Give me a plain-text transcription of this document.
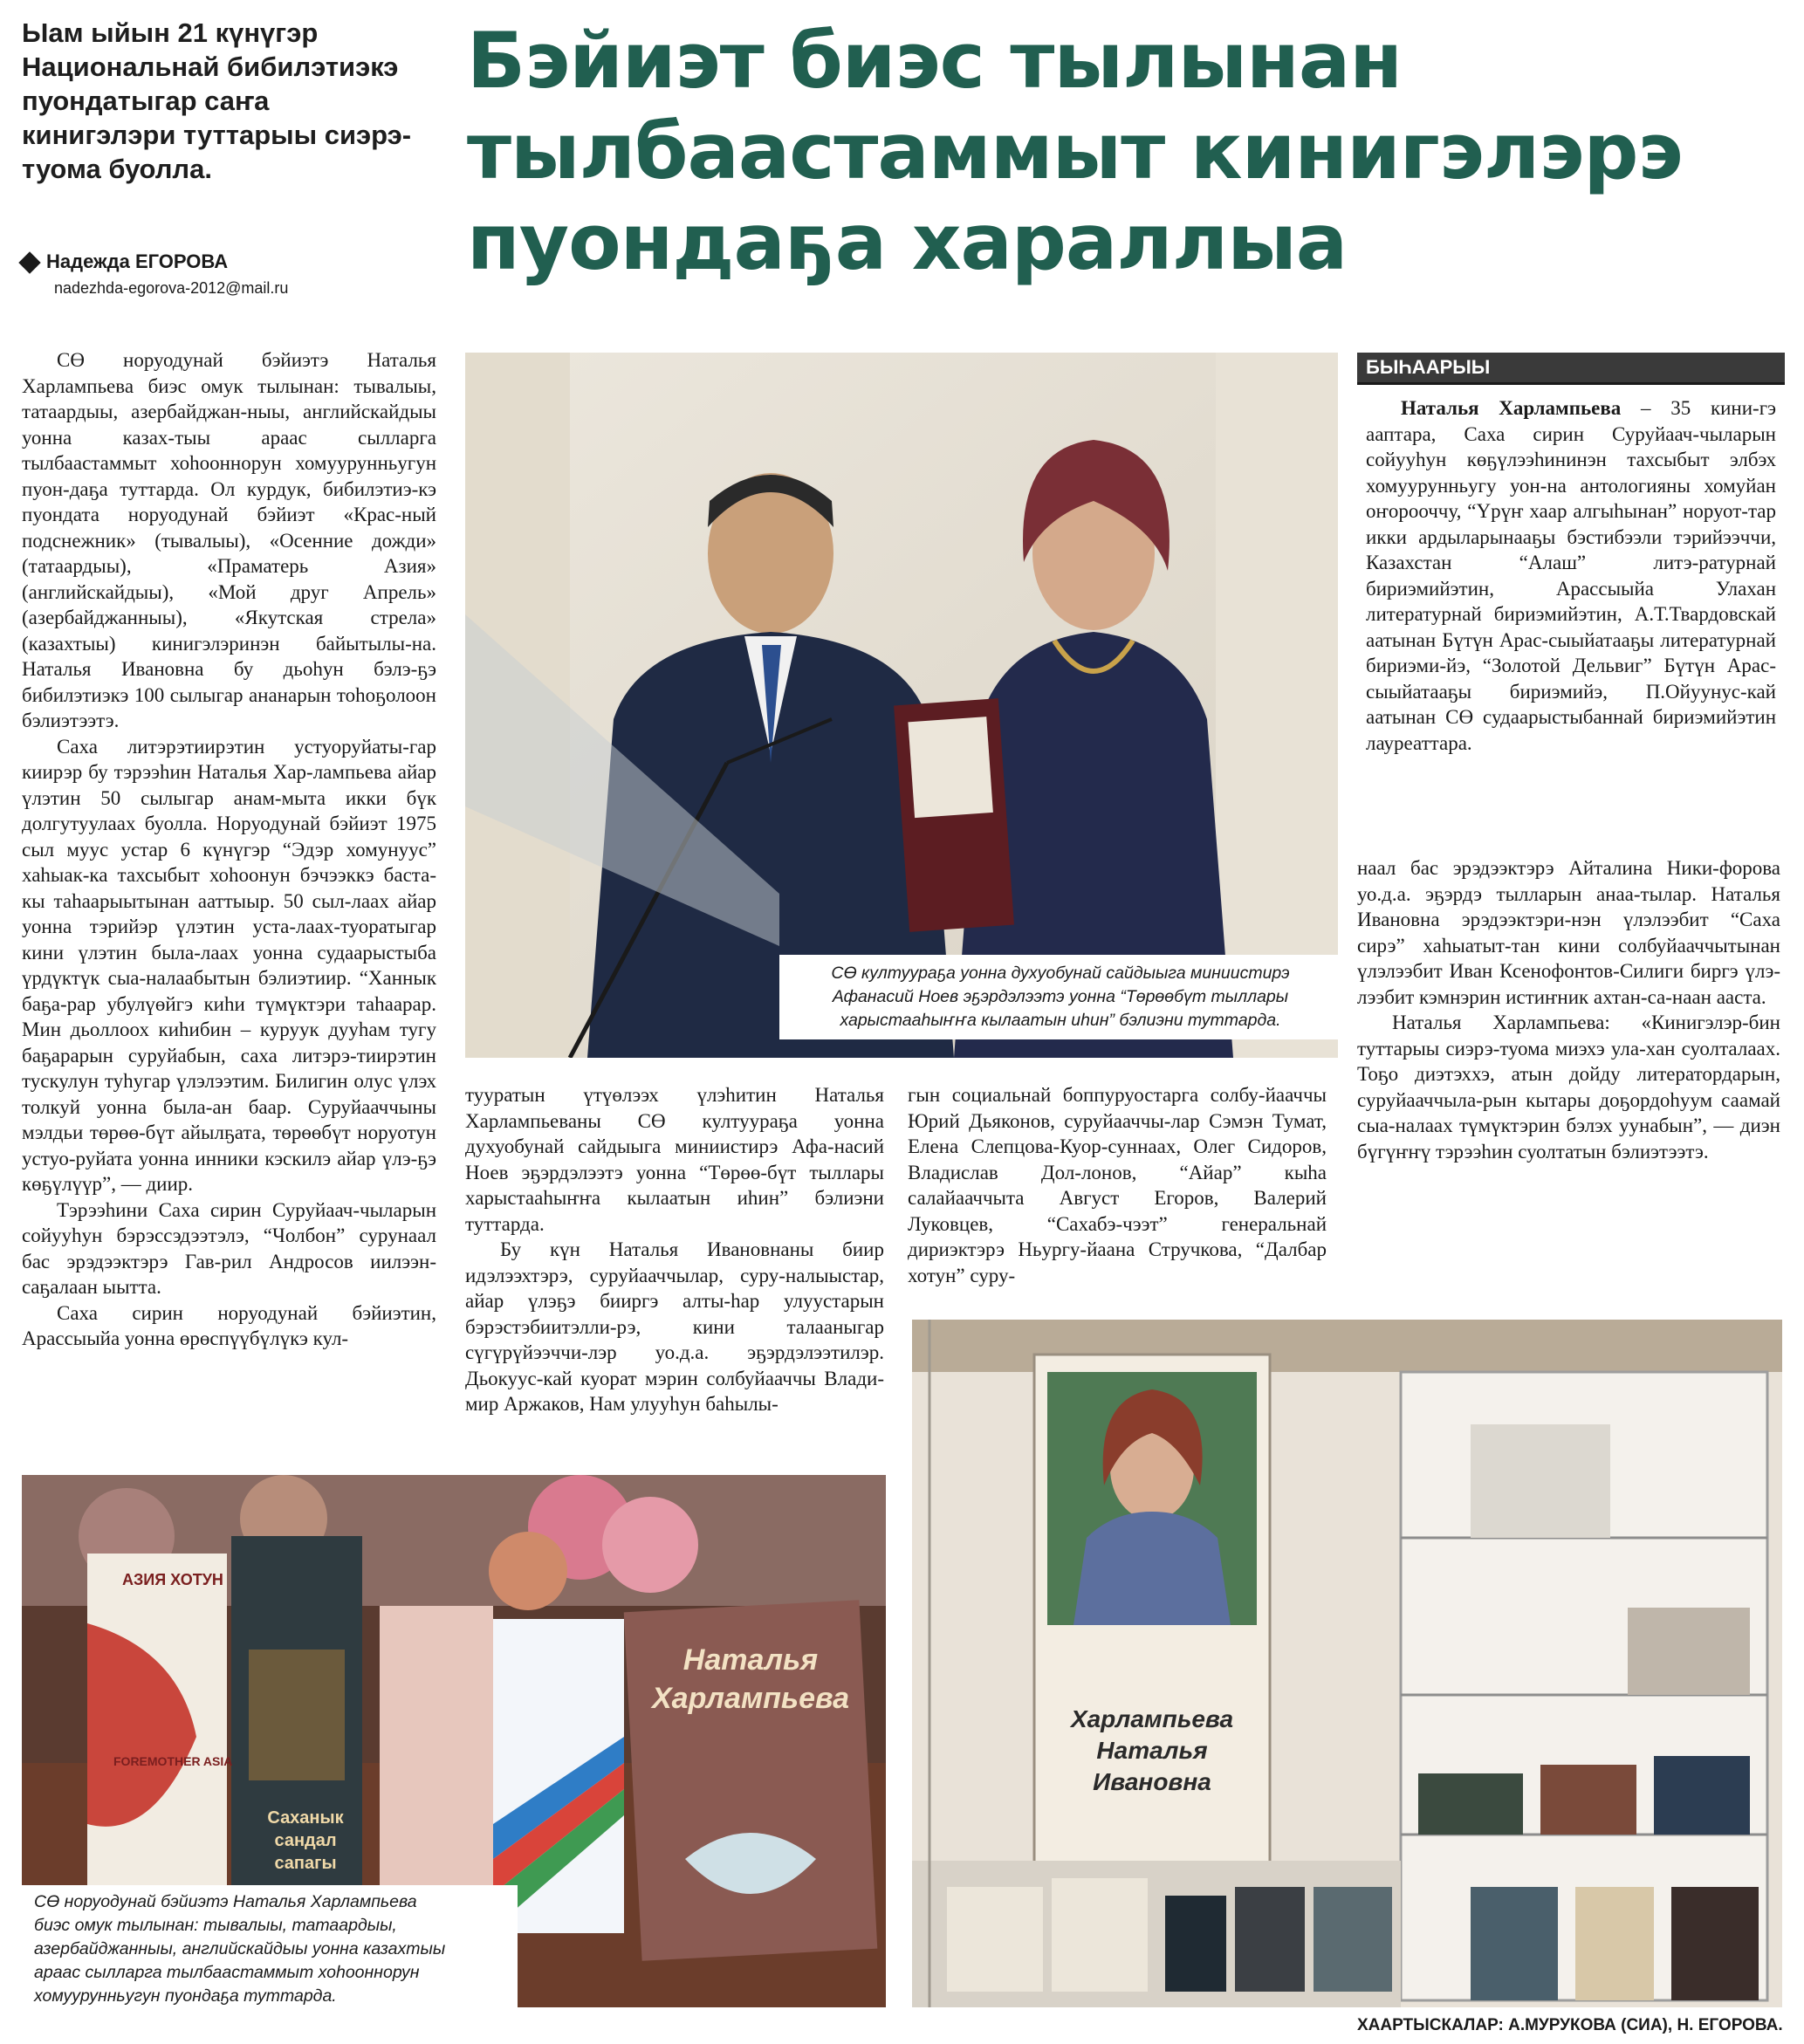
Ыам ыйын 21 күнүгэр
Национальнай бибилэтиэкэ
пуондатыгар саҥа
кинигэлэри туттарыы сиэрэ-
туома буолла.
Бэйиэт биэс тылынан
тылбаастаммыт кинигэлэрэ
пуондаҕа хараллыа
Надежда ЕГОРОВА
nadezhda-egorova-2012@mail.ru

СӨ норуодунай бэйиэтэ Наталья Харлампьева биэс омук тылынан: тывалыы, татаардыы, азербайджан-ныы, английскайдыы уонна казах-тыы араас сылларга тылбаастаммыт хоһооннорун хомуурунньугун пуон-даҕа туттарда. Ол курдук, бибилэтиэ-кэ пуондата норуодунай бэйиэт «Крас-ный подснежник» (тывалыы), «Осенние дожди» (татаардыы), «Праматерь Азия» (английскайдыы), «Мой друг Апрель» (азербайджанныы), «Якутская стрела» (казахтыы) кинигэлэринэн байытылы-на. Наталья Ивановна бу дьоһун бэлэ-ҕэ бибилэтиэкэ 100 сылыгар ананарын тоһоҕолоон бэлиэтээтэ.

Саха литэрэтиирэтин устуоруйаты-гар киирэр бу тэрээһин Наталья Хар-лампьева айар үлэтин 50 сылыгар анам-мыта икки бүк долгутуулаах буолла. Норуодунай бэйиэт 1975 сыл муус устар 6 күнүгэр “Эдэр хомунуус” хаһыак-ка тахсыбыт хоһоонун бэчээккэ баста-кы таһаарыытынан ааттыыр. 50 сыл-лаах айар уонна тэрийэр үлэтин устa-лаах-туоратыгар кини үлэтин была-лаах уонна судаарыстыба үрдүктүк сыа-налаабытын бэлиэтиир. “Ханнык баҕа-рар убулүөйгэ киһи түмүктэри таһаарар. Мин дьоллоох киһибин – куруук дууһам тугу баҕарарын суруйабын, саха литэрэ-тиирэтин тускулун туһугар үлэлээтим. Билигин олус үлэх толкуй уонна была-ан баар. Суруйааччыны мэлдьи төрөө-бүт айылҕата, төрөөбүт норуотун устуо-руйата уонна инники кэскилэ айар үлэ-ҕэ көҕүлүүр”, — диир.

Тэрээһини Саха сирин Суруйаач-чыларын сойууһун бэрэссэдээтэлэ, “Чолбон” сурунаал бас эрэдээктэрэ Гав-рил Андросов иилээн-сaҕалаан ыытта.

Саха сирин норуодунай бэйиэтин, Арассыыйа уонна өрөспүүбүлүкэ кул-

СӨ култуураҕа уонна духуобунай сайдыыга миниистирэ
Афанасий Ноев эҕэрдэлээтэ уонна “Төрөөбүт тыллары
харыстааһыҥҥа кылаатын иһин” бэлиэни туттарда.
БЫҺААРЫЫ
Наталья Харлампьева – 35 кини-гэ ааптара, Саха сирин Суруйаач-чыларын сойууһун көҕүлээһининэн тахсыбыт элбэх хомуурунньугу уон-на антологияны хомуйан оҥорооччу, “Үрүҥ хаар алгыһынан” норуот-тар икки ардыларынааҕы бэстибээли тэрийээччи, Казахстан “Алаш” литэ-ратурнай бириэмийэтин, Арассыыйа Улахан литературнай бириэмийэтин, А.Т.Твардовскай аатынан Бүтүн Арас-сыыйатааҕы литературнай бириэми-йэ, “Золотой Дельвиг” Бүтүн Арас-сыыйатааҕы бириэмийэ, П.Ойуунус-кай аатынан СӨ судаарыстыбаннай бириэмийэтин лауреаттара.

тууратын үтүөлээх үлэһитин Наталья Харлампьеваны СӨ култуураҕа уонна духуобунай сайдыыга миниистирэ Афа-насий Ноев эҕэрдэлээтэ уонна “Төрөө-бүт тыллары харыстааһыҥҥа кылаатын иһин” бэлиэни туттарда.

Бу күн Наталья Ивановнаны биир идэлээхтэрэ, суруйааччылар, суру-налыыстар, айар үлэҕэ бииргэ алты-һар улуустарын бэрэстэбиитэлли-рэ, кини талааныгар сүгүрүйээччи-лэр уо.д.а. эҕэрдэлээтилэр. Дьокуус-кай куорат мэрин солбуйааччы Влади-мир Аржаков, Нам улууһун баһылы-

гын социальнай боппуруостарга солбу-йааччы Юрий Дьяконов, суруйааччы-лар Сэмэн Тумат, Елена Слепцова-Куор-суннаах, Олег Сидоров, Владислав Дол-лонов, “Айар” кыһа салайааччыта Август Егоров, Валерий Луковцев, “Сахабэ-чээт” генеральнай дириэктэрэ Ньургу-йаана Стручкова, “Далбар хотун” суру-

наал бас эрэдээктэрэ Айталина Ники-форова уо.д.а. эҕэрдэ тылларын анаа-тылар. Наталья Ивановна эрэдээктэри-нэн үлэлээбит “Саха сирэ” хаһыатыт-тан кини солбуйааччытынан үлэлээбит Иван Ксенофонтов-Силиги биргэ үлэ-лээбит кэмнэрин истиҥник ахтан-са-наан ааста.

Наталья Харлампьева: «Кинигэлэр-бин туттарыы сиэрэ-туома миэхэ ула-хан суолталаах. Тоҕо диэтэххэ, атын дойду литератордарын, суруйааччыла-рын кытары доҕордоһуум саамай сыа-налаах түмүктэрин бэлэх уунабын”, — диэн бүгүҥҥү тэрээһин суолтатын бэлиэтээтэ.

АЗИЯ ХОТУН
FOREMOTHER ASIA
Саханык сандал сапагы
Наталья Харлампьева
СӨ норуодунай бэйиэтэ Наталья Харлампьева
биэс омук тылынан: тывалыы, татаардыы,
азербайджанныы, английскайдыы уонна казахтыы
араас сылларга тылбаастаммыт хоһооннорун
хомуурунньугун пуондаҕа туттарда.
Харлампьева
Наталья
Ивановна
ХААРТЫСКАЛАР: А.МУРУКОВА (СИА), Н. ЕГОРОВА.
